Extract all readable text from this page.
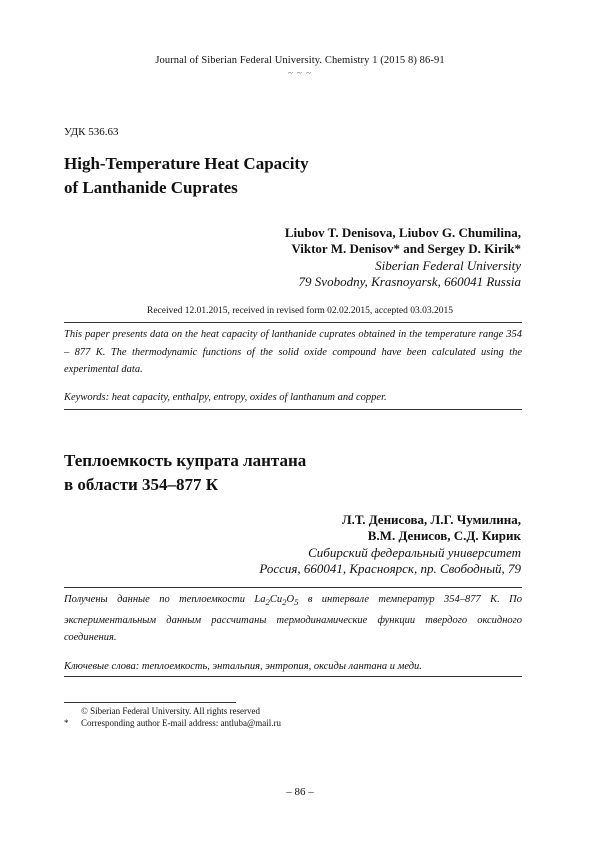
Journal of Siberian Federal University. Chemistry 1 (2015 8) 86-91
~ ~ ~
УДК 536.63
High-Temperature Heat Capacity
of Lanthanide Cuprates
Liubov T. Denisova, Liubov G. Chumilina,
Viktor M. Denisov* and Sergey D. Kirik*
Siberian Federal University
79 Svobodny, Krasnoyarsk, 660041 Russia
Received 12.01.2015, received in revised form 02.02.2015, accepted 03.03.2015
This paper presents data on the heat capacity of lanthanide cuprates obtained in the temperature range 354 – 877 K. The thermodynamic functions of the solid oxide compound have been calculated using the experimental data.
Keywords: heat capacity, enthalpy, entropy, oxides of lanthanum and copper.
Теплоемкость купрата лантана
в области 354–877 К
Л.Т. Денисова, Л.Г. Чумилина,
В.М. Денисов, С.Д. Кирик
Сибирский федеральный университет
Россия, 660041, Красноярск, пр. Свободный, 79
Получены данные по теплоемкости $La_2Cu_2O_5$ в интервале температур 354–877 К. По экспериментальным данным рассчитаны термодинамические функции твердого оксидного соединения.
Ключевые слова: теплоемкость, энтальпия, энтропия, оксиды лантана и меди.
© Siberian Federal University. All rights reserved
* Corresponding author E-mail address: antluba@mail.ru
– 86 –
